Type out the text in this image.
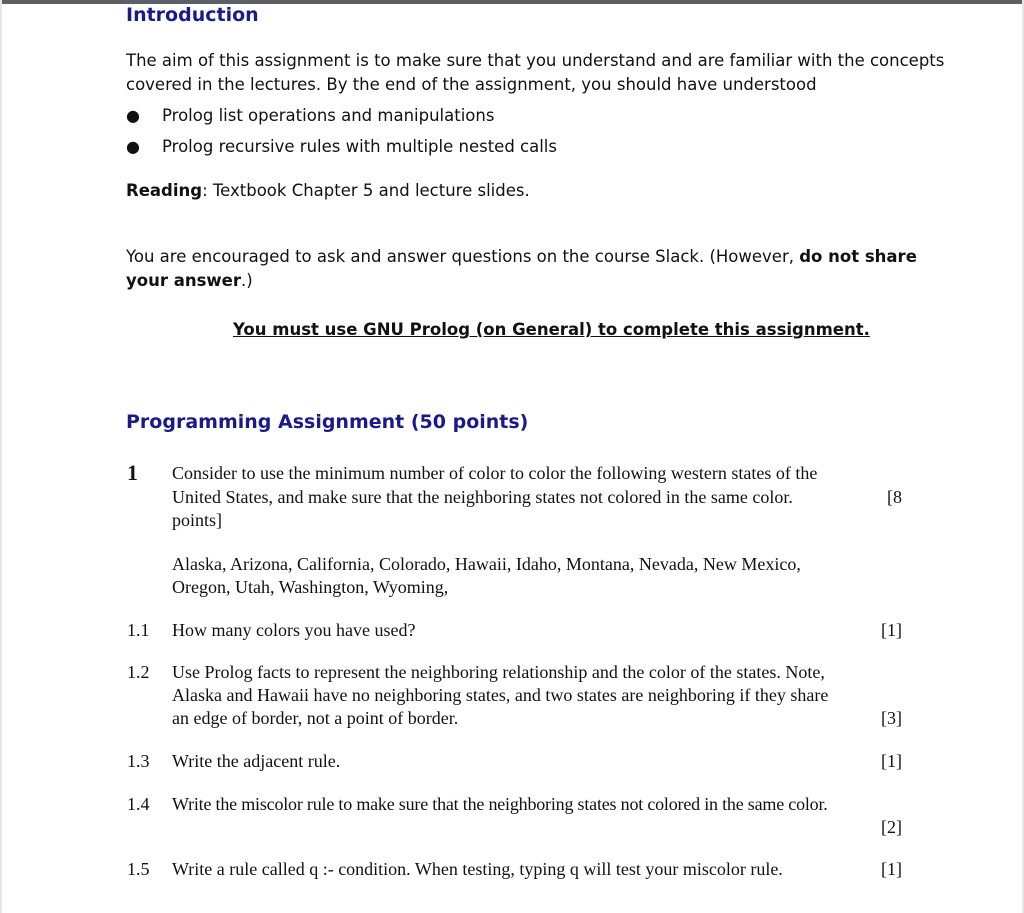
Introduction
The aim of this assignment is to make sure that you understand and are familiar with the concepts
covered in the lectures. By the end of the assignment, you should have understood
● Prolog list operations and manipulations
● Prolog recursive rules with multiple nested calls
Reading: Textbook Chapter 5 and lecture slides.
You are encouraged to ask and answer questions on the course Slack. (However, do not share
your answer.)
You must use GNU Prolog (on General) to complete this assignment.
Programming Assignment (50 points)
1 Consider to use the minimum number of color to color the following western states of the
United States, and make sure that the neighboring states not colored in the same color.	[8
points]
Alaska, Arizona, California, Colorado, Hawaii, Idaho, Montana, Nevada, New Mexico,
Oregon, Utah, Washington, Wyoming,
1.1 How many colors you have used?	[1]
1.2 Use Prolog facts to represent the neighboring relationship and the color of the states. Note,
Alaska and Hawaii have no neighboring states, and two states are neighboring if they share
an edge of border, not a point of border.	[3]
1.3 Write the adjacent rule.	[1]
1.4 Write the miscolor rule to make sure that the neighboring states not colored in the same color.
[2]
1.5 Write a rule called q :- condition. When testing, typing q will test your miscolor rule.	[1]
